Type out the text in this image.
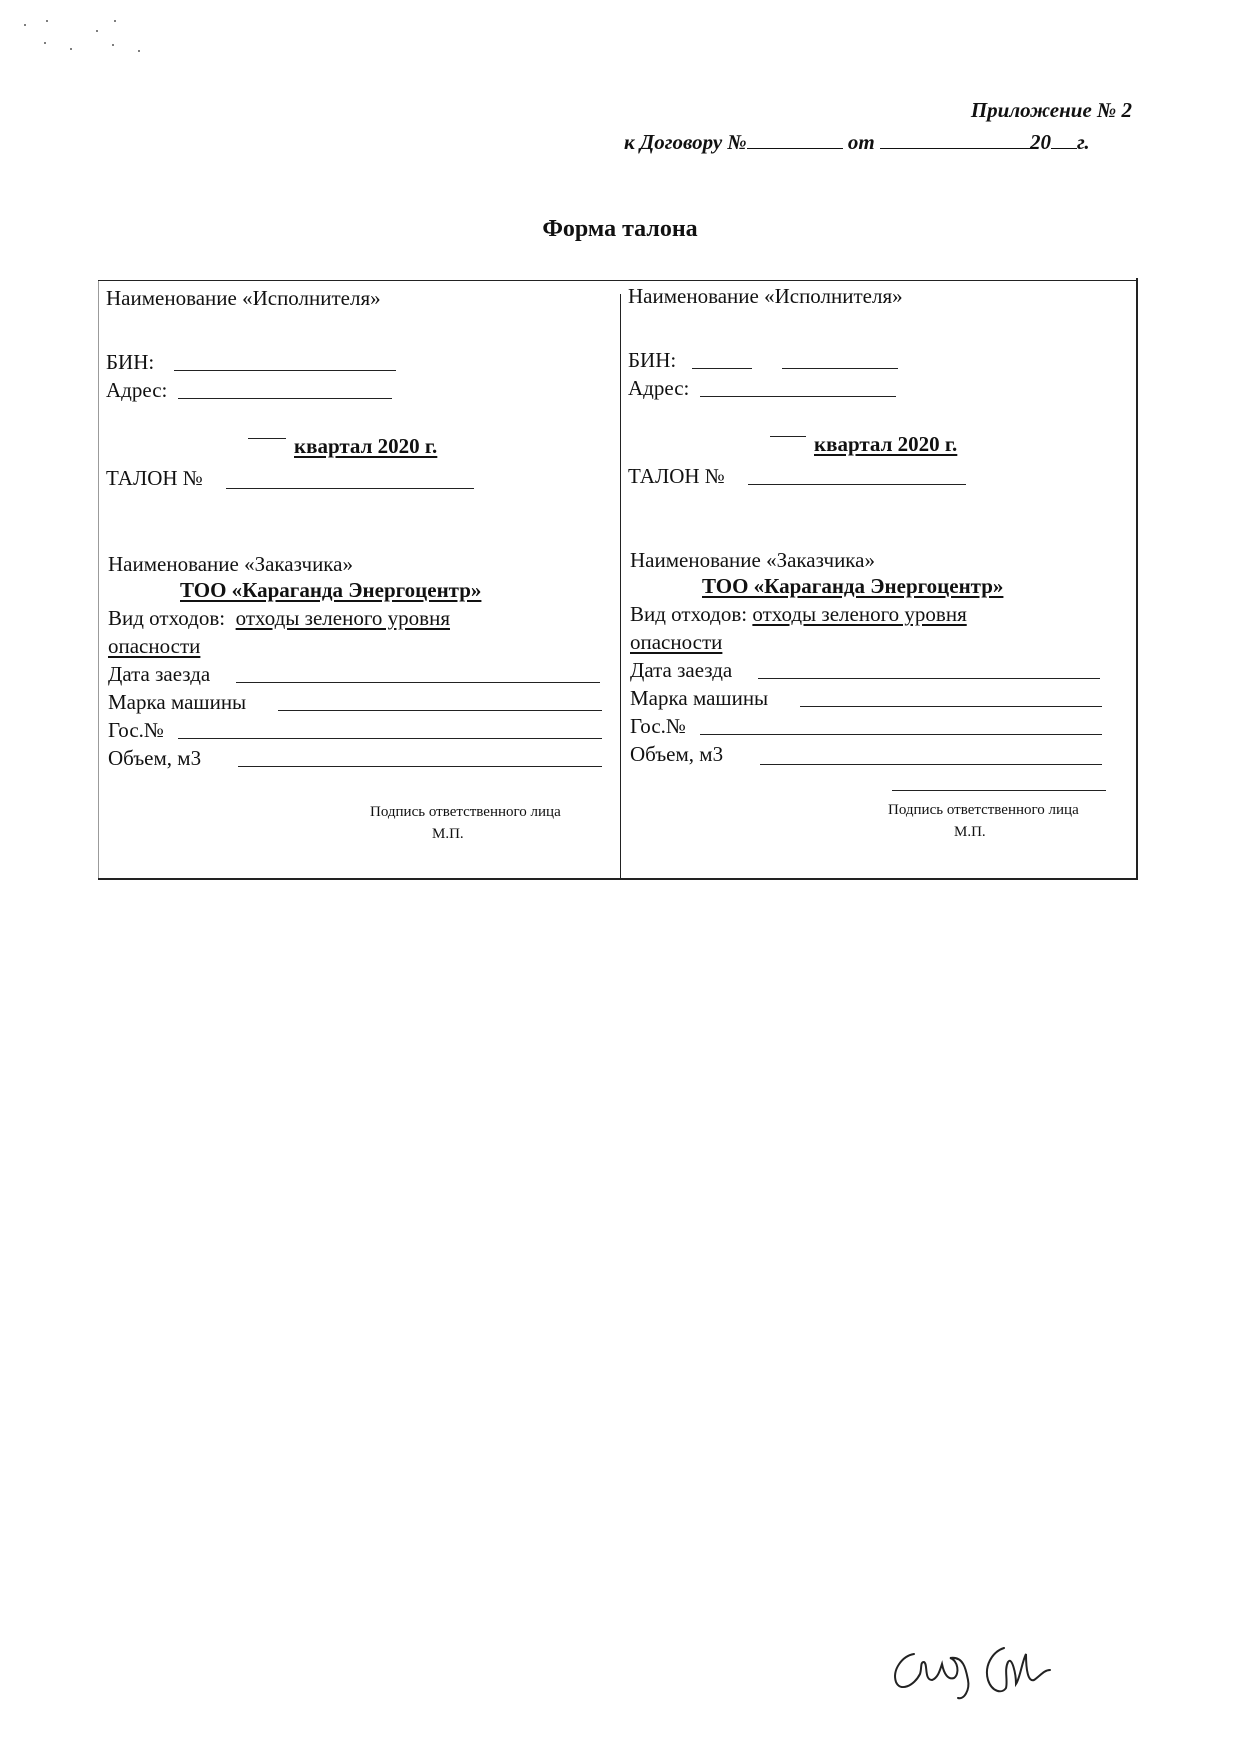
Приложение № 2
к Договору №	от	20 г.
Форма талона
Наименование «Исполнителя»
БИН:
Адрес:
квартал 2020 г.
ТАЛОН №
Наименование «Заказчика»
ТОО «Караганда Энергоцентр»
Вид отходов: отходы зеленого уровня
опасности
Дата заезда
Марка машины
Гос.№
Объем, м3
Подпись ответственного лица
М.П.
Наименование «Исполнителя»
БИН:
Адрес:
квартал 2020 г.
ТАЛОН №
Наименование «Заказчика»
ТОО «Караганда Энергоцентр»
Вид отходов: отходы зеленого уровня
опасности
Дата заезда
Марка машины
Гос.№
Объем, м3
Подпись ответственного лица
М.П.
